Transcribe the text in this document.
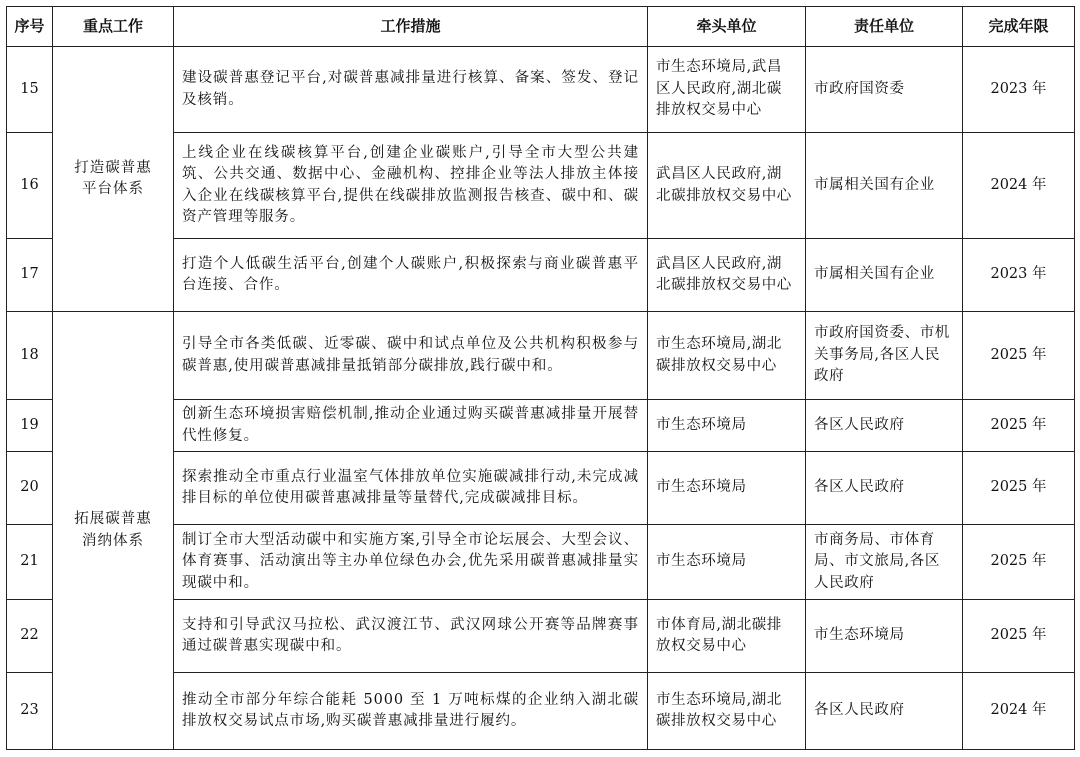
序号	重点工作	工作措施	牵头单位	责任单位	完成年限
15	打造碳普惠平台体系	建设碳普惠登记平台,对碳普惠减排量进行核算、备案、签发、登记及核销。	市生态环境局,武昌区人民政府,湖北碳排放权交易中心	市政府国资委	2023 年
16		上线企业在线碳核算平台,创建企业碳账户,引导全市大型公共建筑、公共交通、数据中心、金融机构、控排企业等法人排放主体接入企业在线碳核算平台,提供在线碳排放监测报告核查、碳中和、碳资产管理等服务。	武昌区人民政府,湖北碳排放权交易中心	市属相关国有企业	2024 年
17		打造个人低碳生活平台,创建个人碳账户,积极探索与商业碳普惠平台连接、合作。	武昌区人民政府,湖北碳排放权交易中心	市属相关国有企业	2023 年
18	拓展碳普惠消纳体系	引导全市各类低碳、近零碳、碳中和试点单位及公共机构积极参与碳普惠,使用碳普惠减排量抵销部分碳排放,践行碳中和。	市生态环境局,湖北碳排放权交易中心	市政府国资委、市机关事务局,各区人民政府	2025 年
19		创新生态环境损害赔偿机制,推动企业通过购买碳普惠减排量开展替代性修复。	市生态环境局	各区人民政府	2025 年
20		探索推动全市重点行业温室气体排放单位实施碳减排行动,未完成减排目标的单位使用碳普惠减排量等量替代,完成碳减排目标。	市生态环境局	各区人民政府	2025 年
21		制订全市大型活动碳中和实施方案,引导全市论坛展会、大型会议、体育赛事、活动演出等主办单位绿色办会,优先采用碳普惠减排量实现碳中和。	市生态环境局	市商务局、市体育局、市文旅局,各区人民政府	2025 年
22		支持和引导武汉马拉松、武汉渡江节、武汉网球公开赛等品牌赛事通过碳普惠实现碳中和。	市体育局,湖北碳排放权交易中心	市生态环境局	2025 年
23		推动全市部分年综合能耗 5000 至 1 万吨标煤的企业纳入湖北碳排放权交易试点市场,购买碳普惠减排量进行履约。	市生态环境局,湖北碳排放权交易中心	各区人民政府	2024 年
